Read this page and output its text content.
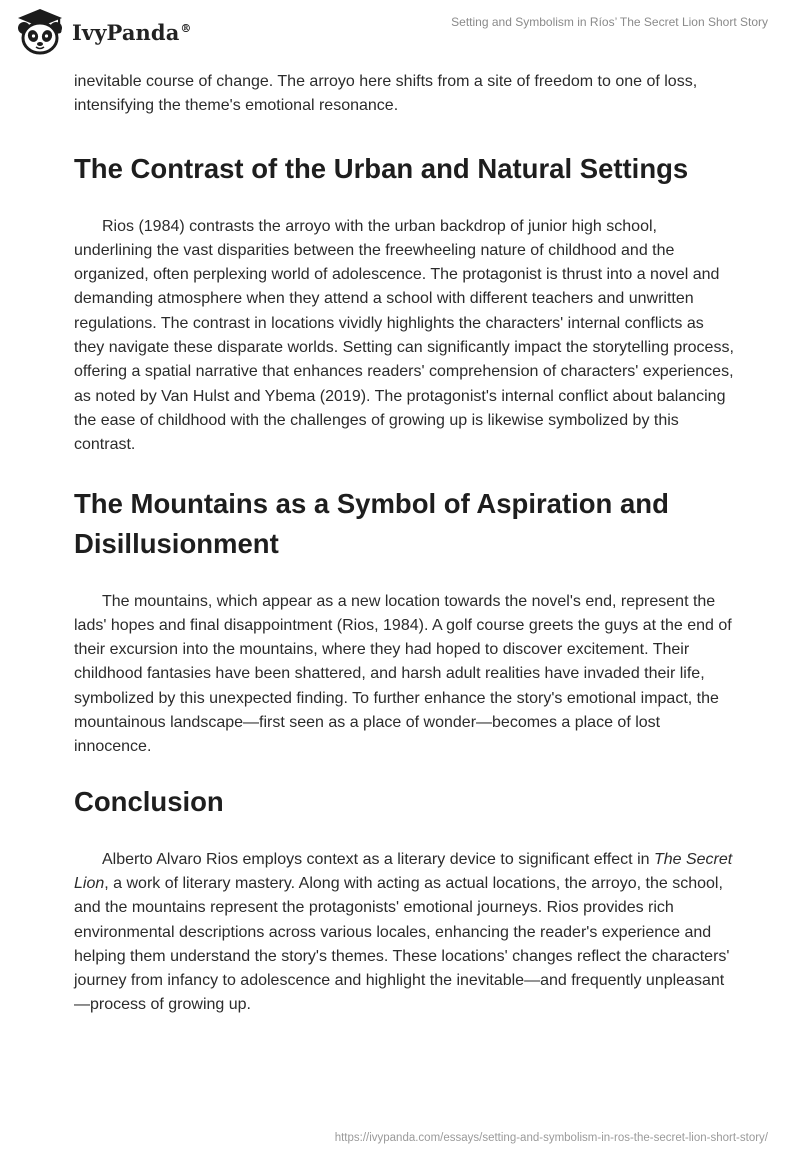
IvyPanda®	Setting and Symbolism in Ríos’ The Secret Lion Short Story

inevitable course of change. The arroyo here shifts from a site of freedom to one of loss, intensifying the theme's emotional resonance.

The Contrast of the Urban and Natural Settings

Rios (1984) contrasts the arroyo with the urban backdrop of junior high school, underlining the vast disparities between the freewheeling nature of childhood and the organized, often perplexing world of adolescence. The protagonist is thrust into a novel and demanding atmosphere when they attend a school with different teachers and unwritten regulations. The contrast in locations vividly highlights the characters' internal conflicts as they navigate these disparate worlds. Setting can significantly impact the storytelling process, offering a spatial narrative that enhances readers' comprehension of characters' experiences, as noted by Van Hulst and Ybema (2019). The protagonist's internal conflict about balancing the ease of childhood with the challenges of growing up is likewise symbolized by this contrast.

The Mountains as a Symbol of Aspiration and Disillusionment

The mountains, which appear as a new location towards the novel's end, represent the lads' hopes and final disappointment (Rios, 1984). A golf course greets the guys at the end of their excursion into the mountains, where they had hoped to discover excitement. Their childhood fantasies have been shattered, and harsh adult realities have invaded their life, symbolized by this unexpected finding. To further enhance the story's emotional impact, the mountainous landscape—first seen as a place of wonder—becomes a place of lost innocence.

Conclusion

Alberto Alvaro Rios employs context as a literary device to significant effect in The Secret Lion, a work of literary mastery. Along with acting as actual locations, the arroyo, the school, and the mountains represent the protagonists' emotional journeys. Rios provides rich environmental descriptions across various locales, enhancing the reader's experience and helping them understand the story's themes. These locations' changes reflect the characters' journey from infancy to adolescence and highlight the inevitable—and frequently unpleasant—process of growing up.

https://ivypanda.com/essays/setting-and-symbolism-in-ros-the-secret-lion-short-story/
